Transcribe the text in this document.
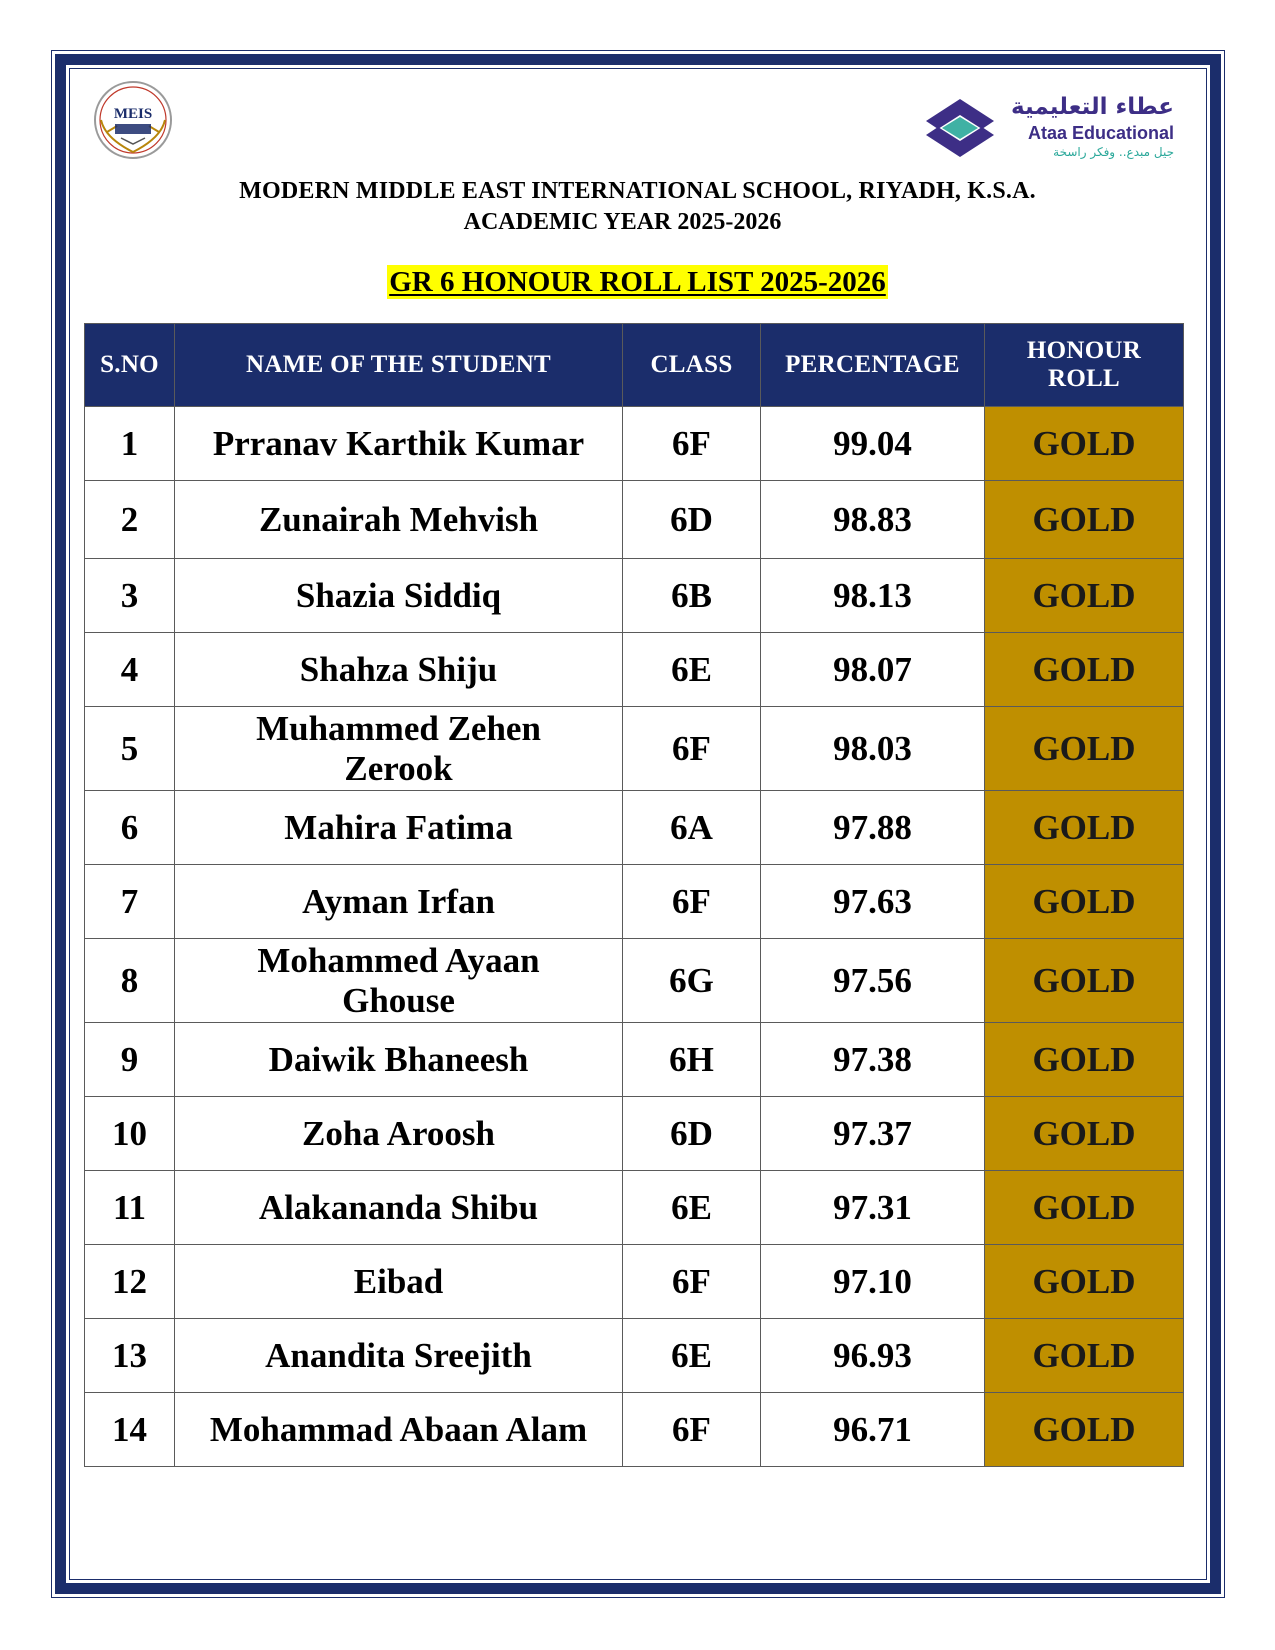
MEIS	عطاء التعليمية
Ataa Educational
جيل مبدع.. وفكر راسخة
MODERN MIDDLE EAST INTERNATIONAL SCHOOL, RIYADH, K.S.A.
ACADEMIC YEAR 2025-2026
GR 6 HONOUR ROLL LIST 2025-2026
S.NO	NAME OF THE STUDENT	CLASS	PERCENTAGE	HONOUR ROLL
1	Prranav Karthik Kumar	6F	99.04	GOLD
2	Zunairah Mehvish	6D	98.83	GOLD
3	Shazia Siddiq	6B	98.13	GOLD
4	Shahza Shiju	6E	98.07	GOLD
5	Muhammed Zehen Zerook	6F	98.03	GOLD
6	Mahira Fatima	6A	97.88	GOLD
7	Ayman Irfan	6F	97.63	GOLD
8	Mohammed Ayaan Ghouse	6G	97.56	GOLD
9	Daiwik Bhaneesh	6H	97.38	GOLD
10	Zoha Aroosh	6D	97.37	GOLD
11	Alakananda Shibu	6E	97.31	GOLD
12	Eibad	6F	97.10	GOLD
13	Anandita Sreejith	6E	96.93	GOLD
14	Mohammad Abaan Alam	6F	96.71	GOLD
